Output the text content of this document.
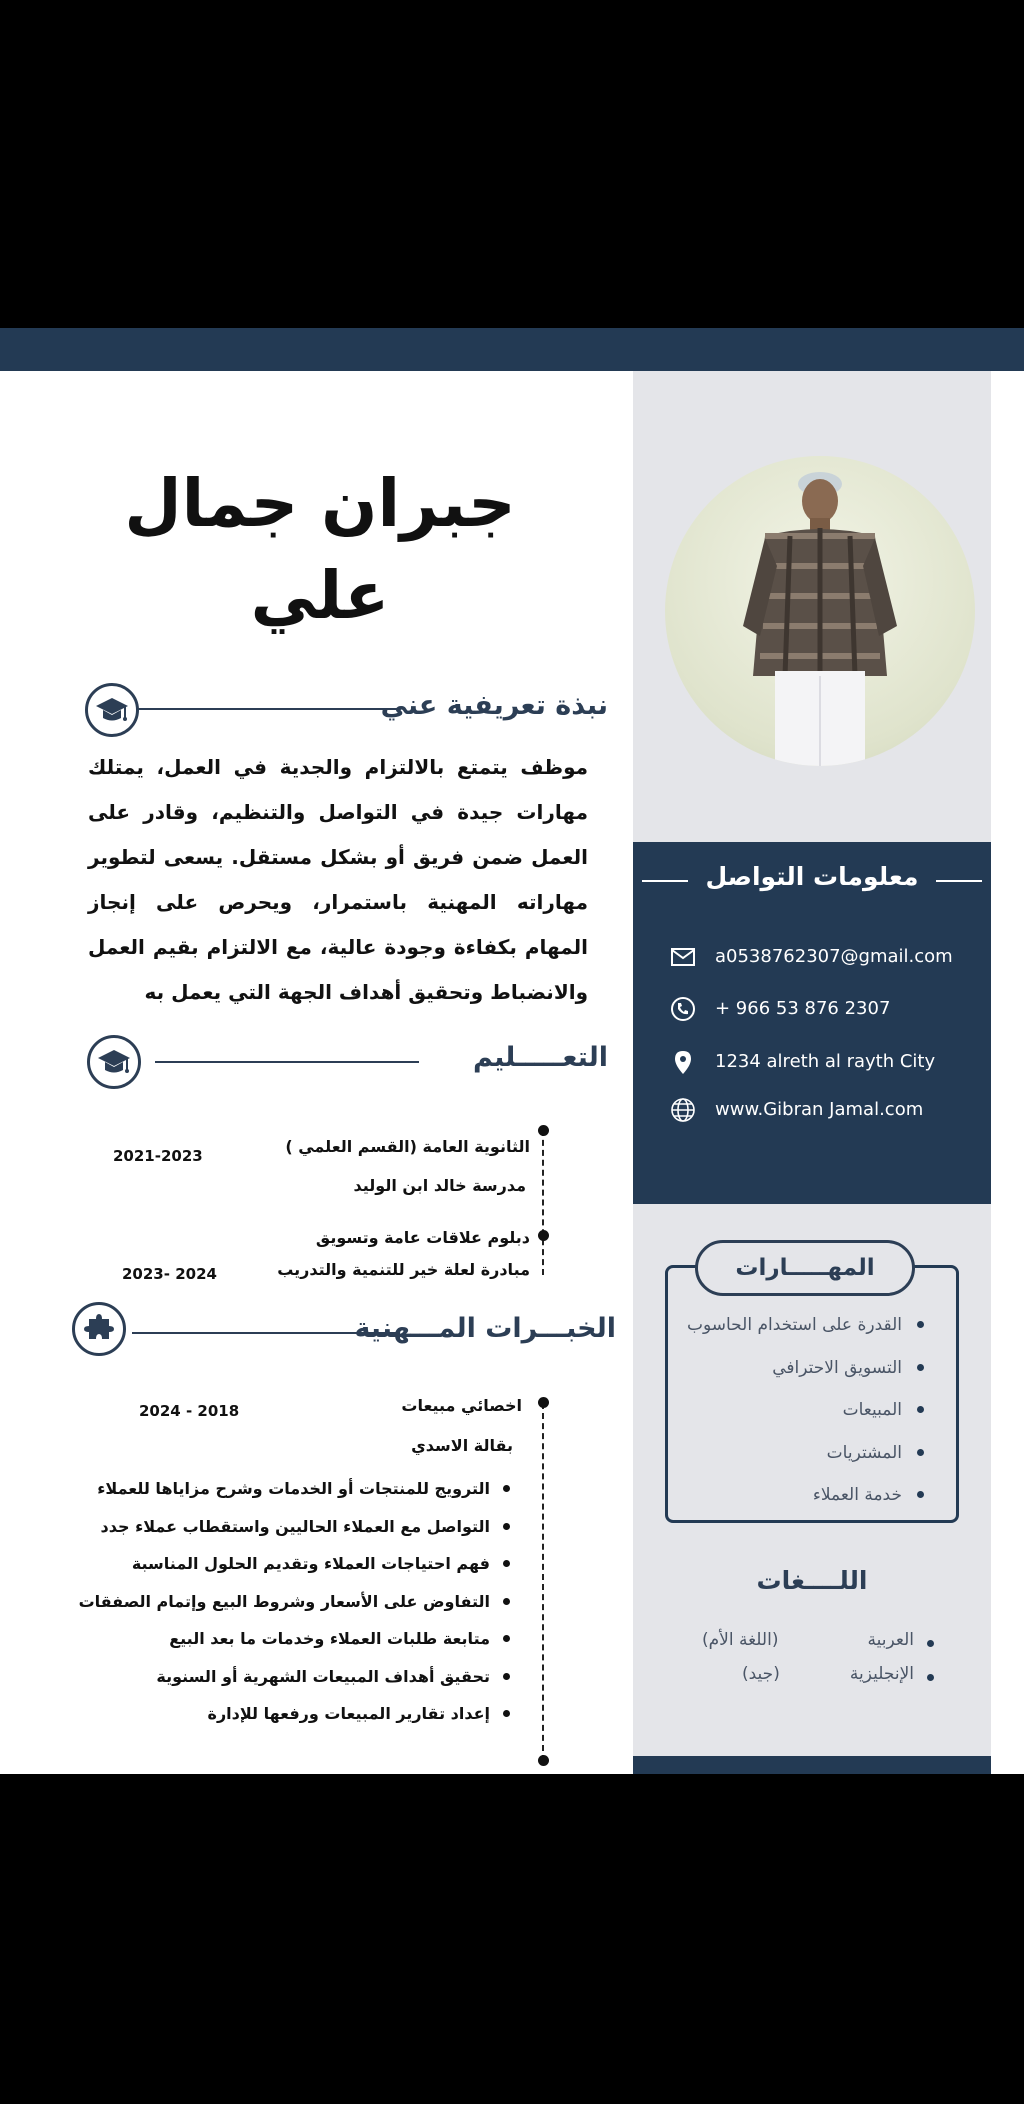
جبران جمال
علي
نبذة تعريفية عني
موظف يتمتع بالالتزام والجدية في العمل، يمتلك مهارات جيدة في التواصل والتنظيم، وقادر على العمل ضمن فريق أو بشكل مستقل. يسعى لتطوير مهاراته المهنية باستمرار، ويحرص على إنجاز المهام بكفاءة وجودة عالية، مع الالتزام بقيم العمل والانضباط وتحقيق أهداف الجهة التي يعمل به
التعـــــليم
الثانوية العامة (القسم العلمي )
مدرسة خالد ابن الوليد
2021-2023
دبلوم علاقات عامة وتسويق
مبادرة لعلة خير للتنمية والتدريب
2023- 2024
الخبـــرات المـــهنية
اخصائي مبيعات
2024 - 2018
بقالة الاسدي
الترويج للمنتجات أو الخدمات وشرح مزاياها للعملاء
التواصل مع العملاء الحاليين واستقطاب عملاء جدد
فهم احتياجات العملاء وتقديم الحلول المناسبة
التفاوض على الأسعار وشروط البيع وإتمام الصفقات
متابعة طلبات العملاء وخدمات ما بعد البيع
تحقيق أهداف المبيعات الشهرية أو السنوية
إعداد تقارير المبيعات ورفعها للإدارة
معلومات التواصل
a0538762307@gmail.com
+ 966 53 876 2307
1234 alreth al rayth City
www.Gibran Jamal.com
المهـــــارات
القدرة على استخدام الحاسوب
التسويق الاحترافي
المبيعات
المشتريات
خدمة العملاء
اللــــغات
العربية
(اللغة الأم)
الإنجليزية
(جيد)
